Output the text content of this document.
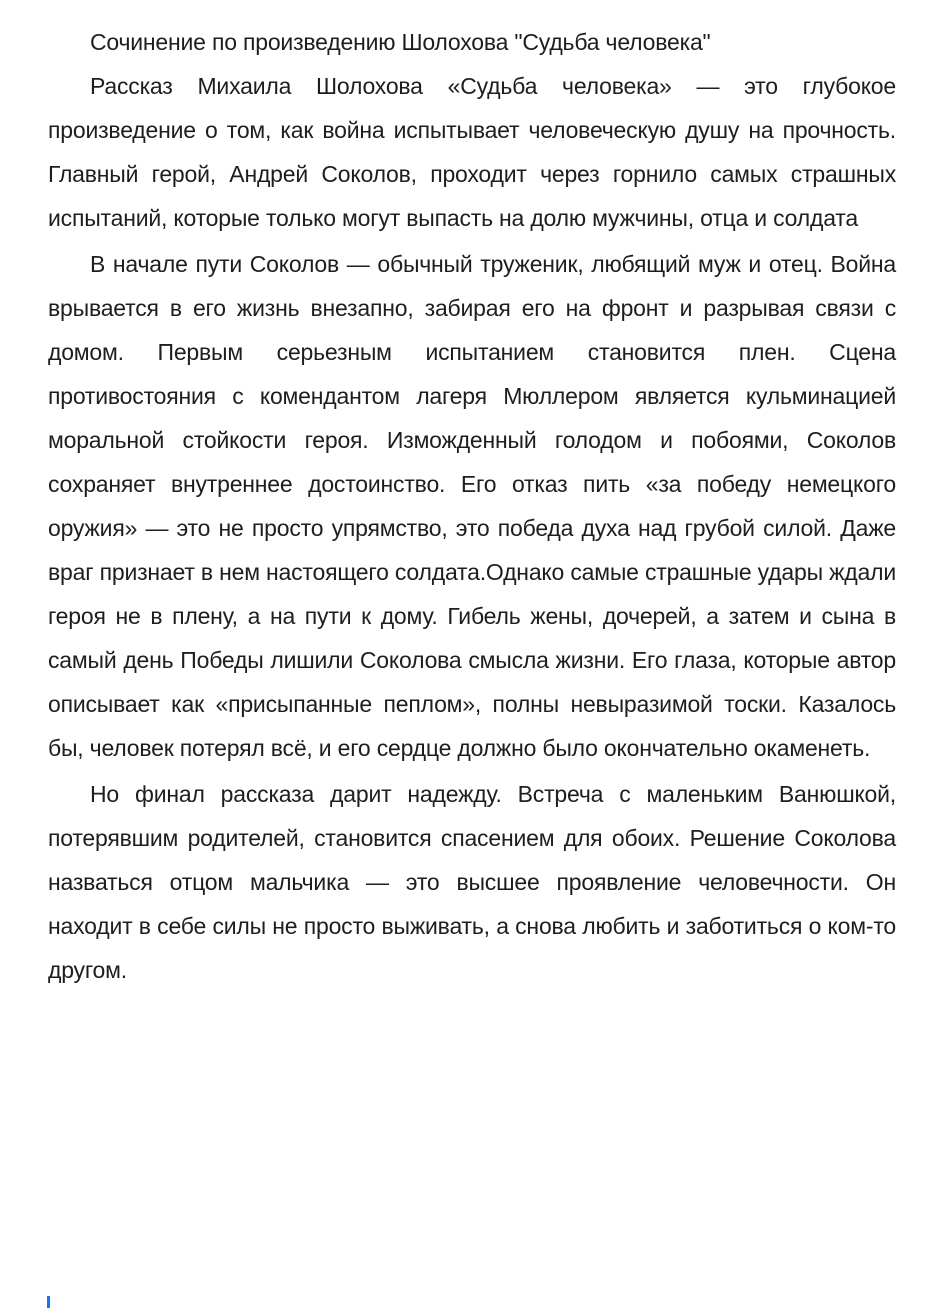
Сочинение по произведению Шолохова "Судьба человека"

Рассказ Михаила Шолохова «Судьба человека» — это глубокое произведение о том, как война испытывает человеческую душу на прочность. Главный герой, Андрей Соколов, проходит через горнило самых страшных испытаний, которые только могут выпасть на долю мужчины, отца и солдата

В начале пути Соколов — обычный труженик, любящий муж и отец. Война врывается в его жизнь внезапно, забирая его на фронт и разрывая связи с домом. Первым серьезным испытанием становится плен. Сцена противостояния с комендантом лагеря Мюллером является кульминацией моральной стойкости героя. Изможденный голодом и побоями, Соколов сохраняет внутреннее достоинство. Его отказ пить «за победу немецкого оружия» — это не просто упрямство, это победа духа над грубой силой. Даже враг признает в нем настоящего солдата.Однако самые страшные удары ждали героя не в плену, а на пути к дому. Гибель жены, дочерей, а затем и сына в самый день Победы лишили Соколова смысла жизни. Его глаза, которые автор описывает как «присыпанные пеплом», полны невыразимой тоски. Казалось бы, человек потерял всё, и его сердце должно было окончательно окаменеть.

Но финал рассказа дарит надежду. Встреча с маленьким Ванюшкой, потерявшим родителей, становится спасением для обоих. Решение Соколова назваться отцом мальчика — это высшее проявление человечности. Он находит в себе силы не просто выживать, а снова любить и заботиться о ком-то другом.
